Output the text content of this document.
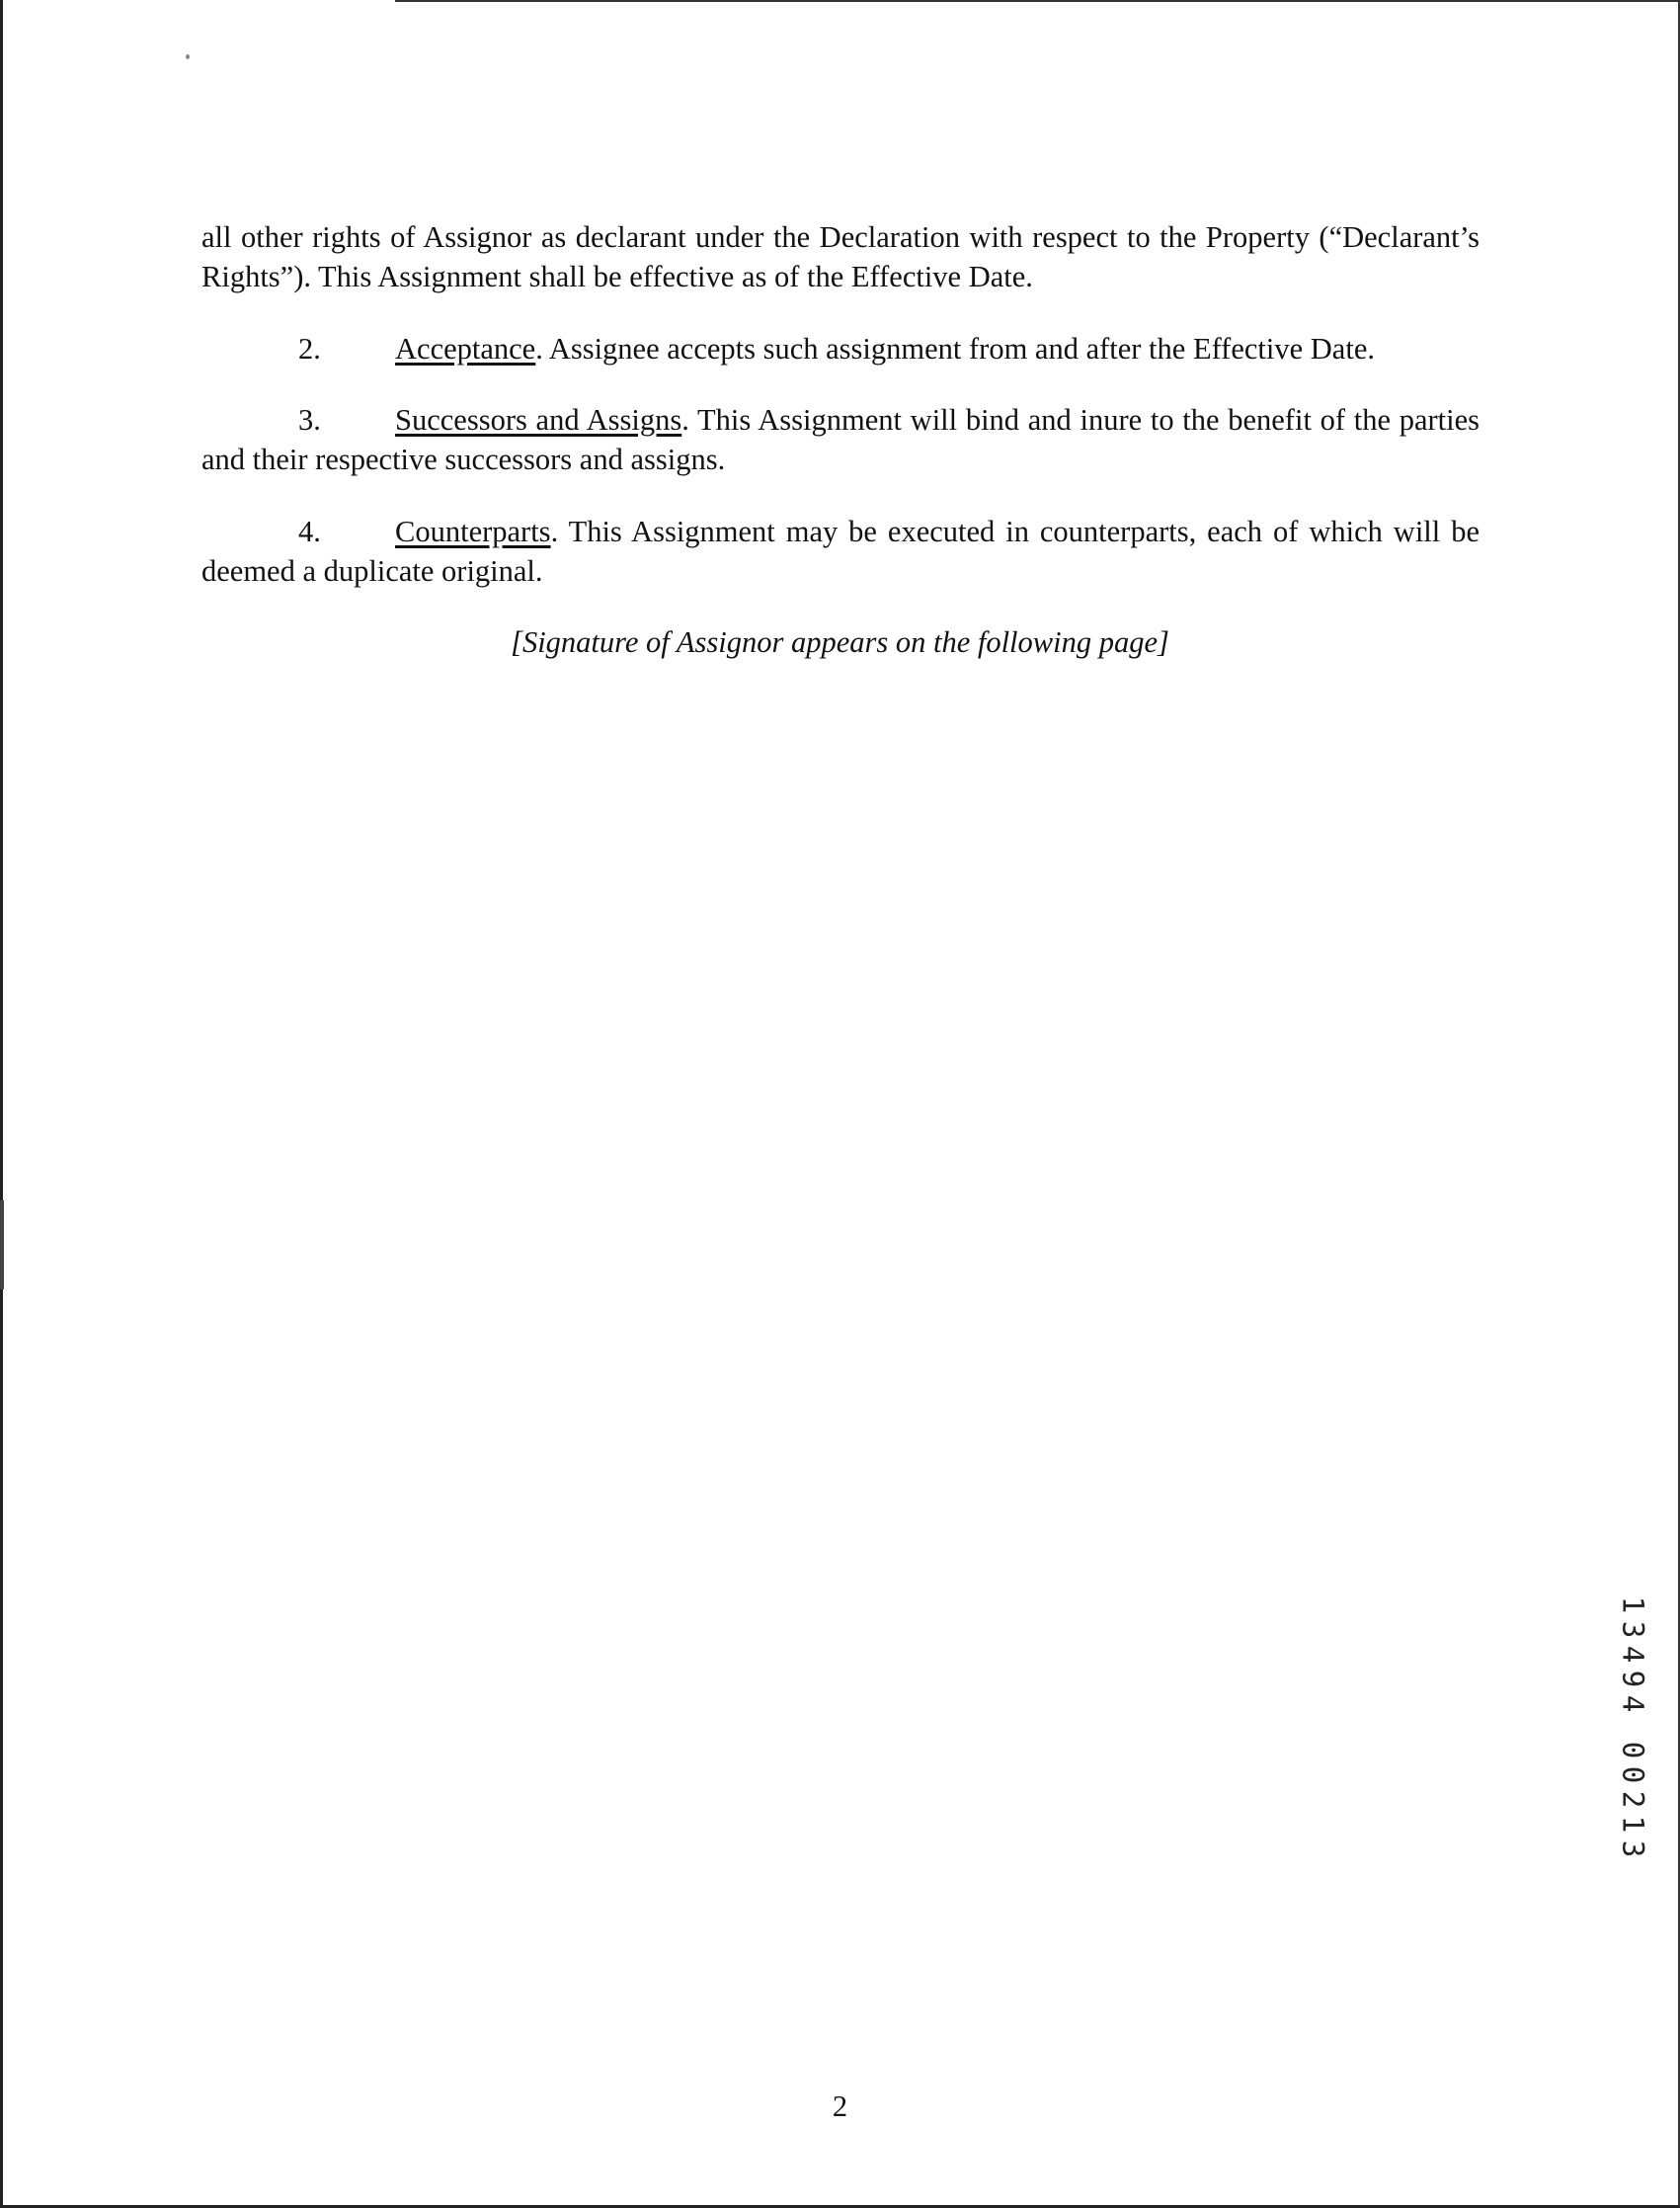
all other rights of Assignor as declarant under the Declaration with respect to the Property (“Declarant’s Rights”). This Assignment shall be effective as of the Effective Date.
2. Acceptance. Assignee accepts such assignment from and after the Effective Date.
3. Successors and Assigns. This Assignment will bind and inure to the benefit of the parties and their respective successors and assigns.
4. Counterparts. This Assignment may be executed in counterparts, each of which will be deemed a duplicate original.
[Signature of Assignor appears on the following page]
1
3
4
9
4
0
0
2
1
3
2
